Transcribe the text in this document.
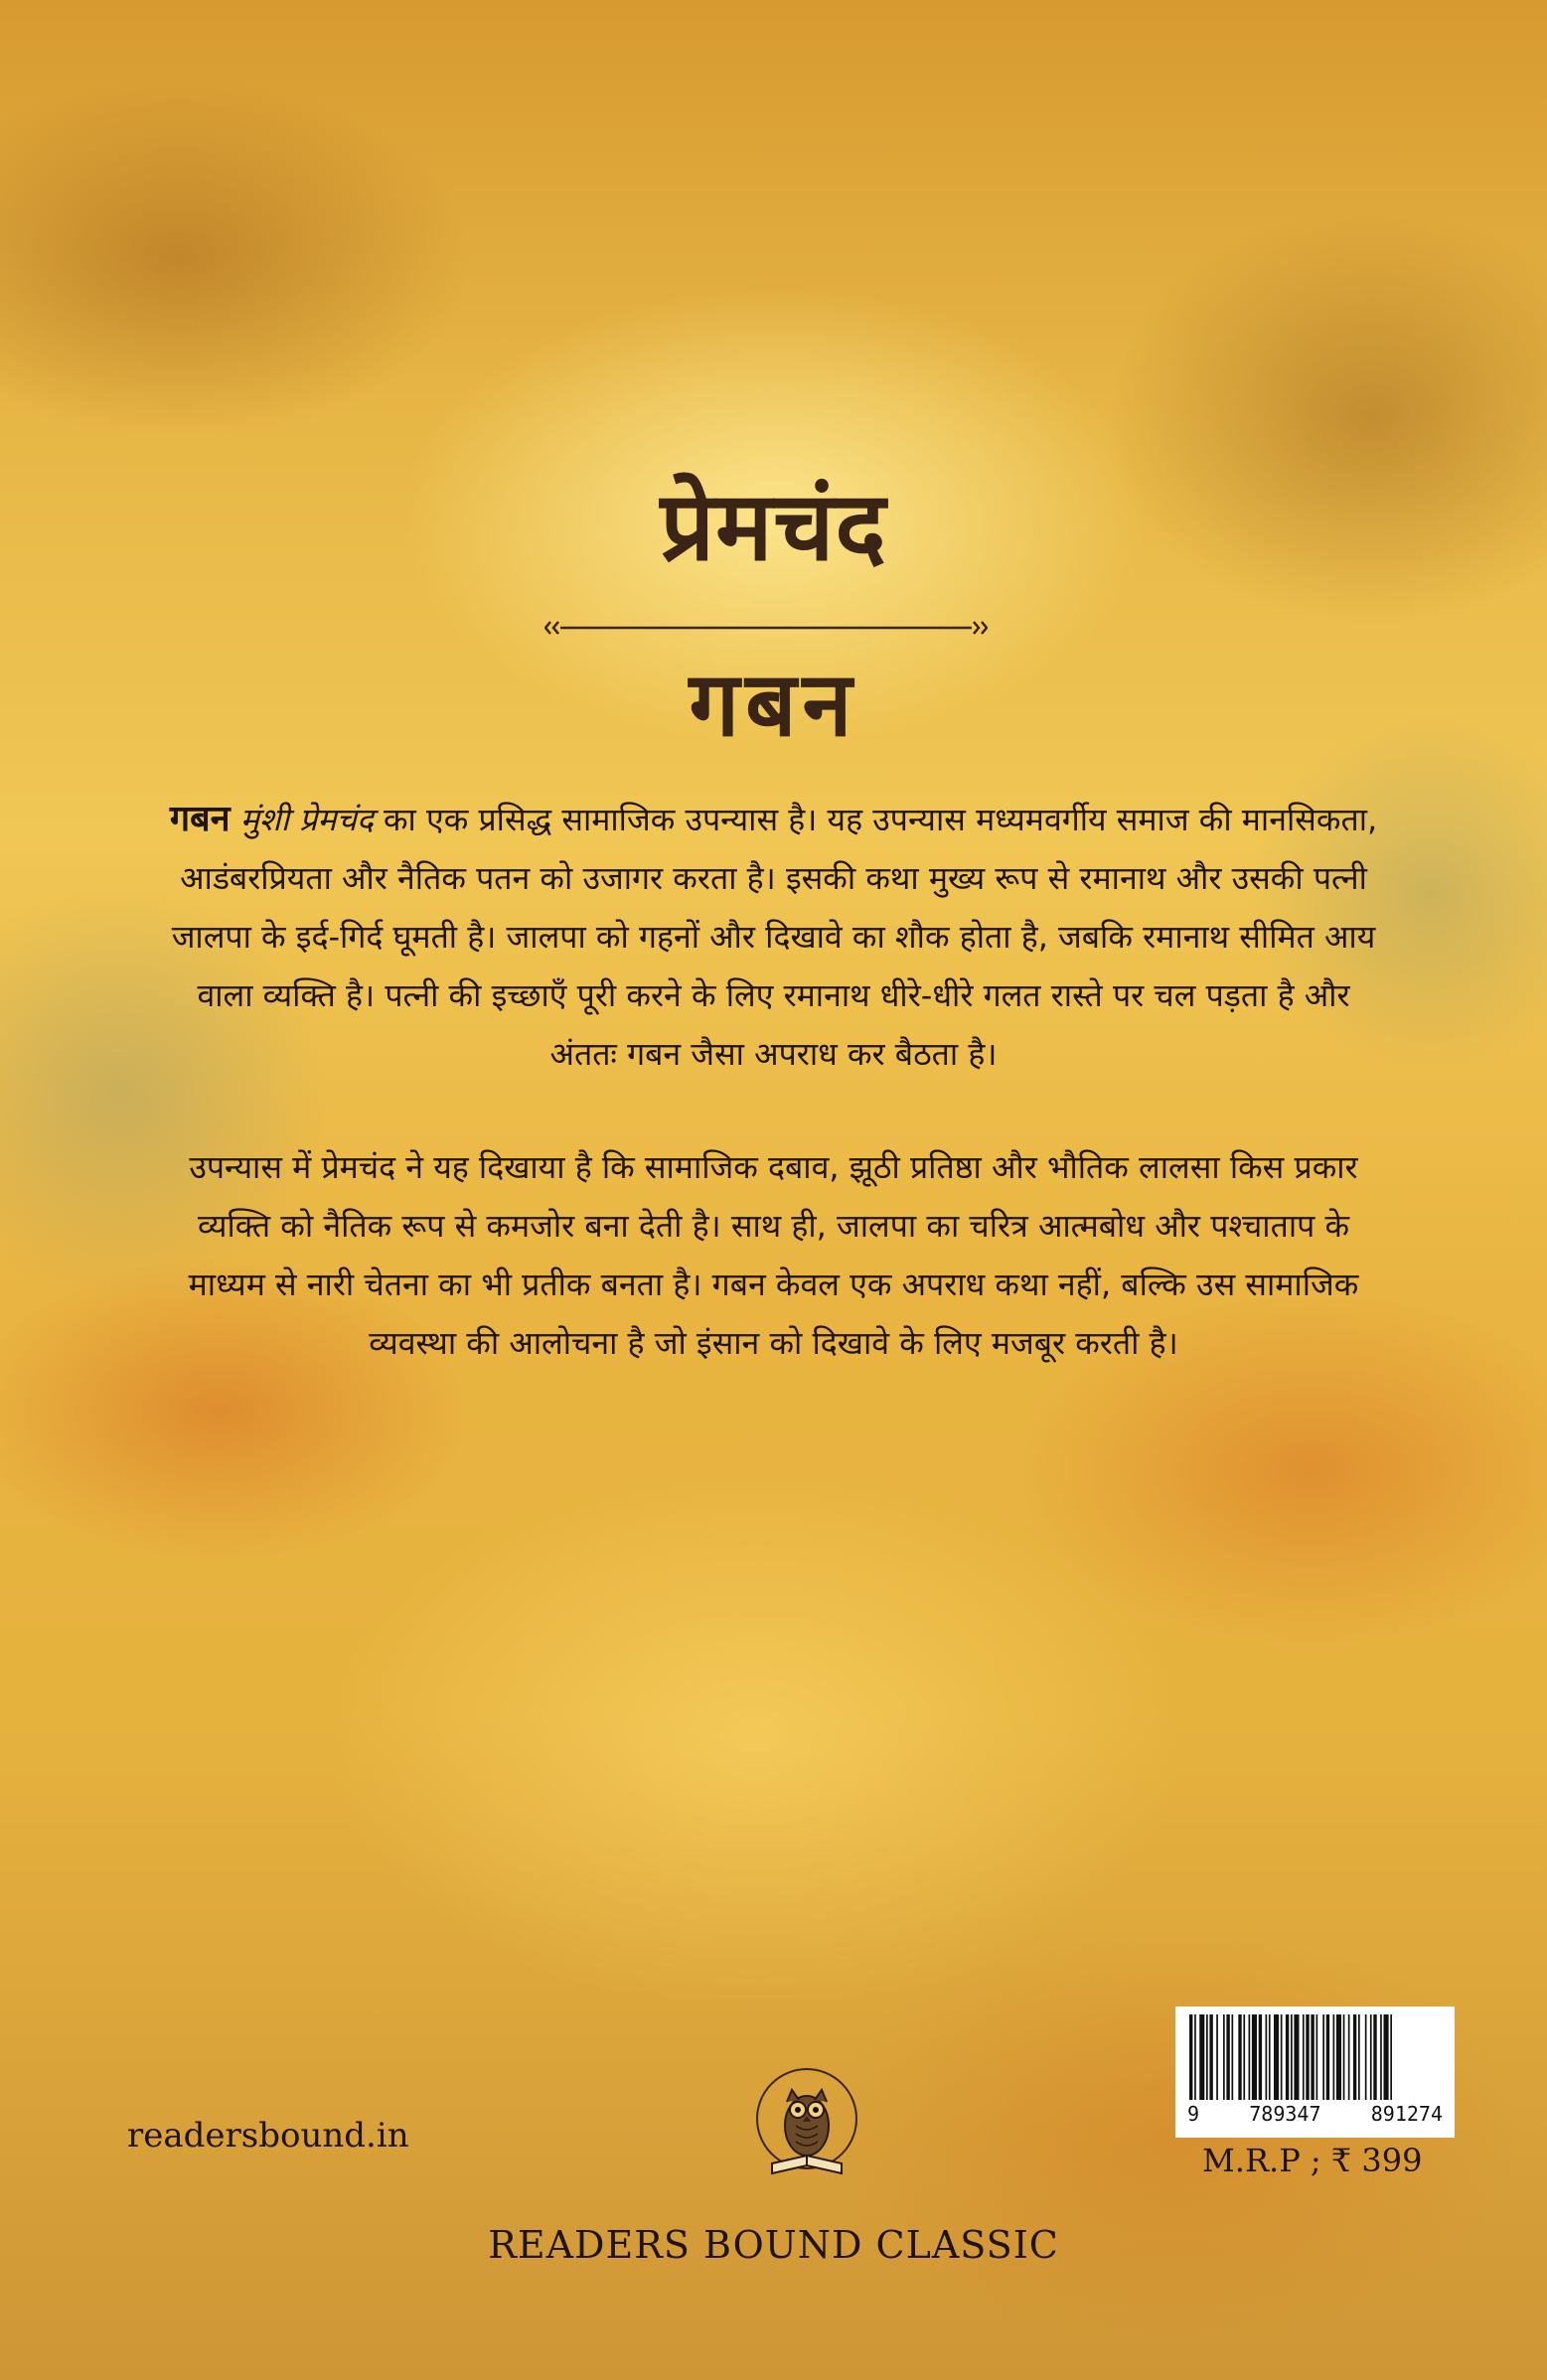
प्रेमचंद
गबन
गबन मुंशी प्रेमचंद का एक प्रसिद्ध सामाजिक उपन्यास है। यह उपन्यास मध्यमवर्गीय समाज की मानसिकता, आडंबरप्रियता और नैतिक पतन को उजागर करता है। इसकी कथा मुख्य रूप से रमानाथ और उसकी पत्नी जालपा के इर्द-गिर्द घूमती है। जालपा को गहनों और दिखावे का शौक होता है, जबकि रमानाथ सीमित आय वाला व्यक्ति है। पत्नी की इच्छाएँ पूरी करने के लिए रमानाथ धीरे-धीरे गलत रास्ते पर चल पड़ता है और अंततः गबन जैसा अपराध कर बैठता है।
उपन्यास में प्रेमचंद ने यह दिखाया है कि सामाजिक दबाव, झूठी प्रतिष्ठा और भौतिक लालसा किस प्रकार व्यक्ति को नैतिक रूप से कमजोर बना देती है। साथ ही, जालपा का चरित्र आत्मबोध और पश्चाताप के माध्यम से नारी चेतना का भी प्रतीक बनता है। गबन केवल एक अपराध कथा नहीं, बल्कि उस सामाजिक व्यवस्था की आलोचना है जो इंसान को दिखावे के लिए मजबूर करती है।
readersbound.in
READERS BOUND CLASSIC
9	789347	891274
M.R.P ; ₹ 399
